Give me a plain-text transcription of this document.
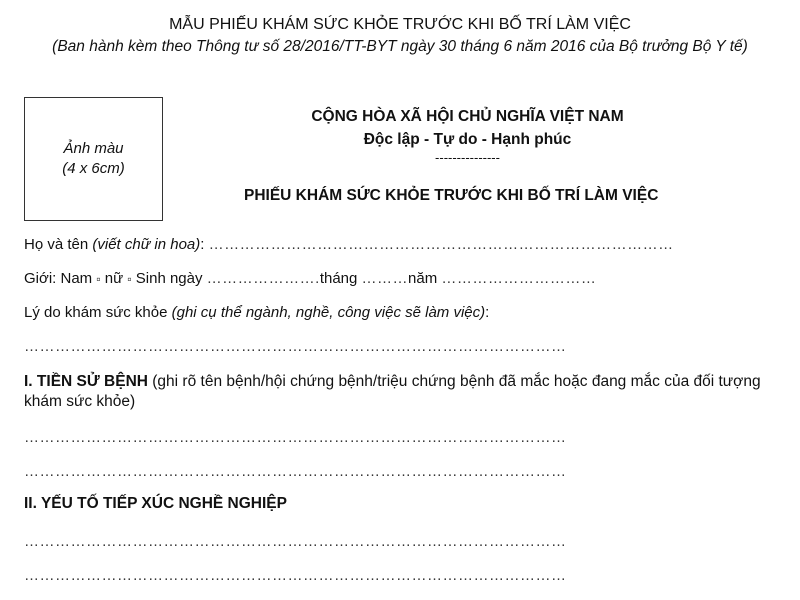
MẪU PHIẾU KHÁM SỨC KHỎE TRƯỚC KHI BỐ TRÍ LÀM VIỆC
(Ban hành kèm theo Thông tư số 28/2016/TT-BYT ngày 30 tháng 6 năm 2016 của Bộ trưởng Bộ Y tế)
Ảnh màu
(4 x 6cm)
CỘNG HÒA XÃ HỘI CHỦ NGHĨA VIỆT NAM
Độc lập - Tự do - Hạnh phúc
---------------
PHIẾU KHÁM SỨC KHỎE TRƯỚC KHI BỐ TRÍ LÀM VIỆC
Họ và tên (viết chữ in hoa): ………………………………………………………………………………
Giới: Nam ▫ nữ ▫ Sinh ngày ………………….tháng ………năm …………………………
Lý do khám sức khỏe (ghi cụ thể ngành, nghề, công việc sẽ làm việc):
……………………………………………………………………………………………
I. TIỀN SỬ BỆNH (ghi rõ tên bệnh/hội chứng bệnh/triệu chứng bệnh đã mắc hoặc đang mắc của đối tượng khám sức khỏe)
……………………………………………………………………………………………
……………………………………………………………………………………………
II. YẾU TỐ TIẾP XÚC NGHỀ NGHIỆP
……………………………………………………………………………………………
……………………………………………………………………………………………
